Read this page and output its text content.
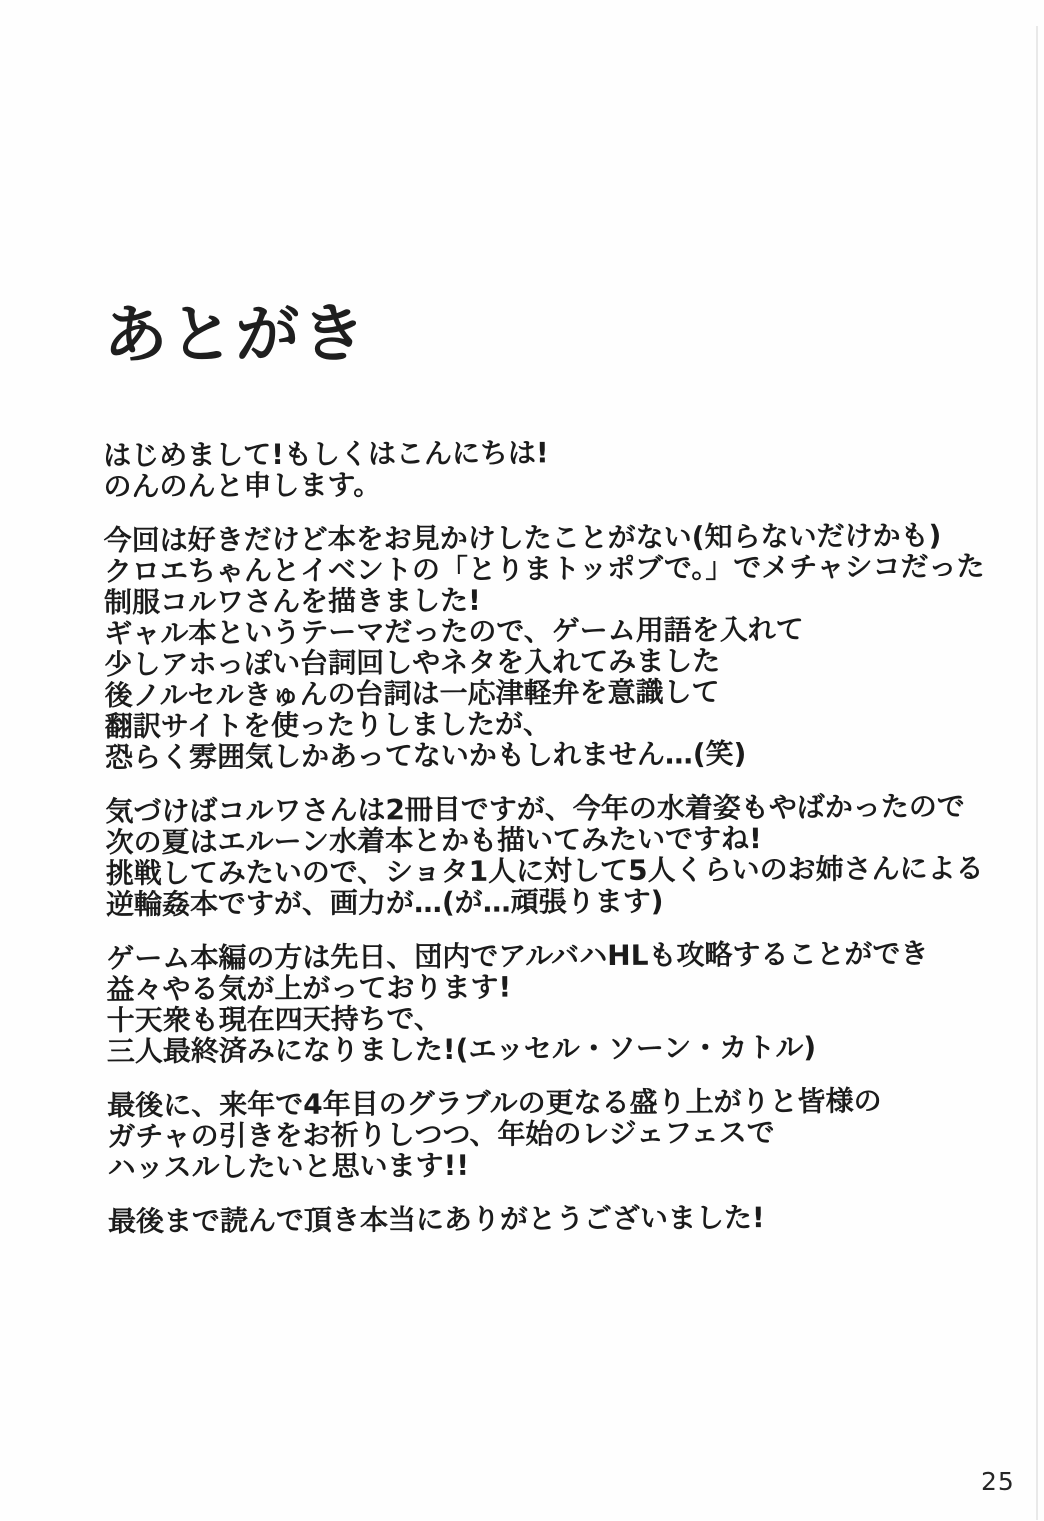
あとがき
はじめまして!もしくはこんにちは!
のんのんと申します。
今回は好きだけど本をお見かけしたことがない(知らないだけかも)
クロエちゃんとイベントの「とりまトッポブで。」でメチャシコだった
制服コルワさんを描きました!
ギャル本というテーマだったので、ゲーム用語を入れて
少しアホっぽい台詞回しやネタを入れてみました
後ノルセルきゅんの台詞は一応津軽弁を意識して
翻訳サイトを使ったりしましたが、
恐らく雰囲気しかあってないかもしれません…(笑)
気づけばコルワさんは2冊目ですが、今年の水着姿もやばかったので
次の夏はエルーン水着本とかも描いてみたいですね!
挑戦してみたいので、ショタ1人に対して5人くらいのお姉さんによる
逆輪姦本ですが、画力が…(が…頑張ります)
ゲーム本編の方は先日、団内でアルバハHLも攻略することができ
益々やる気が上がっております!
十天衆も現在四天持ちで、
三人最終済みになりました!(エッセル・ソーン・カトル)
最後に、来年で4年目のグラブルの更なる盛り上がりと皆様の
ガチャの引きをお祈りしつつ、年始のレジェフェスで
ハッスルしたいと思います!!
最後まで読んで頂き本当にありがとうございました!
25
